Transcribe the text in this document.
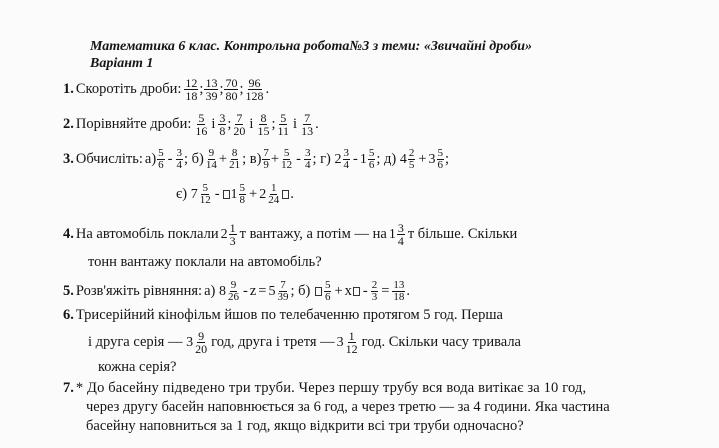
Математика 6 клас. Контрольна робота№3 з теми: «Звичайні дроби»
Варіант 1
1. Скоротіть дроби: $\frac{12}{18}$ ; $\frac{13}{39}$ ; $\frac{70}{80}$ ; $\frac{96}{128}$ .
2. Порівняйте дроби: $\frac{5}{16}$ і $\frac{3}{8}$ ; $\frac{7}{20}$ і $\frac{8}{15}$ ; $\frac{5}{11}$ і $\frac{7}{13}$ .
3. Обчисліть: $а) \frac{5}{6} - \frac{3}{4}$ ;
$б) \frac{9}{14} + \frac{8}{21}$ ;
$в) \frac{7}{9} + \frac{5}{12} - \frac{3}{4}$ ;
г)
$2 \frac{3}{4} - 1 \frac{5}{6}$ ;
д)
$4 \frac{2}{5} + 3 \frac{5}{6}$ ;
є)
$7 \frac{5}{12} - 1 \frac{5}{8} + 2 \frac{1}{24}$ .
4. На автомобіль поклали $2 \frac{1}{3}$ т вантажу, а потім — на $1 \frac{3}{4}$ т більше. Скільки
тонн вантажу поклали на автомобіль?
5. Розв'яжіть рівняння: а)
$8 \frac{9}{26} - z = 5 \frac{7}{39}$ ;
б)
$\frac{5}{6} + x - \frac{2}{3} = \frac{13}{18}$ .
6. Трисерійний кінофільм йшов по телебаченню протягом 5 год. Перша
і друга серія —
$3 \frac{9}{20}$ год, друга і третя — $3 \frac{1}{12}$ год. Скільки часу тривала
кожна серія?
7. * До басейну підведено три труби. Через першу трубу вся вода витікає за 10 год,
через другу басейн наповнюється за 6 год, а через третю — за 4 години. Яка частина
басейну наповниться за 1 год, якщо відкрити всі три труби одночасно?
